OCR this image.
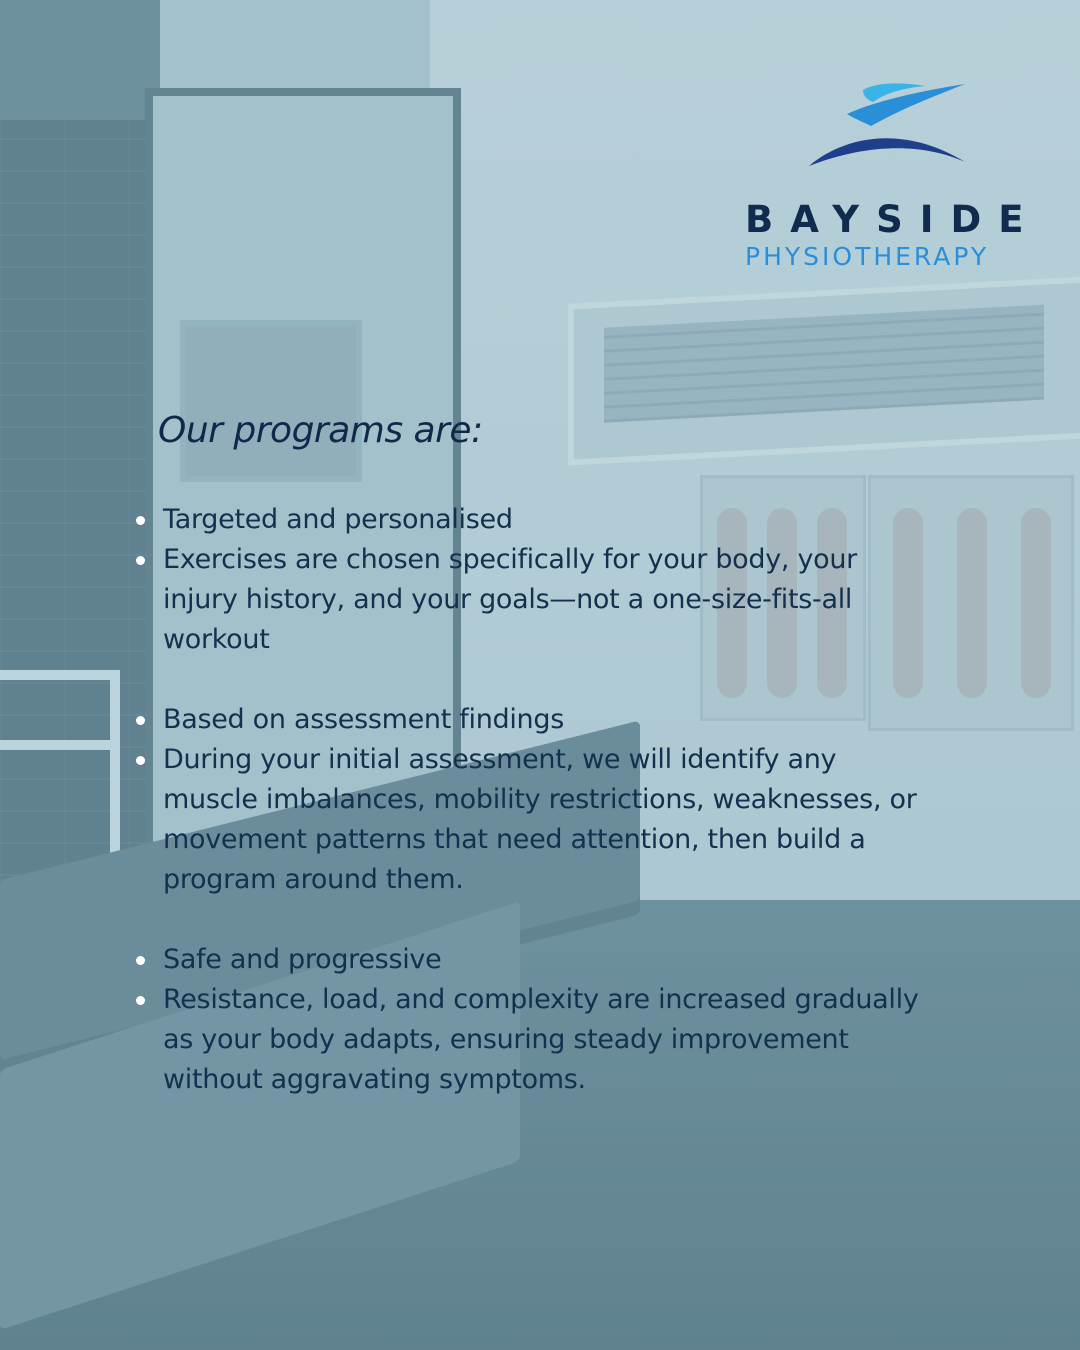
BAYSIDE
PHYSIOTHERAPY
Our programs are:
Targeted and personalised
Exercises are chosen specifically for your body, your injury history, and your goals—not a one-size-fits-all workout
Based on assessment findings
During your initial assessment, we will identify any muscle imbalances, mobility restrictions, weaknesses, or movement patterns that need attention, then build a program around them.
Safe and progressive
Resistance, load, and complexity are increased gradually as your body adapts, ensuring steady improvement without aggravating symptoms.
